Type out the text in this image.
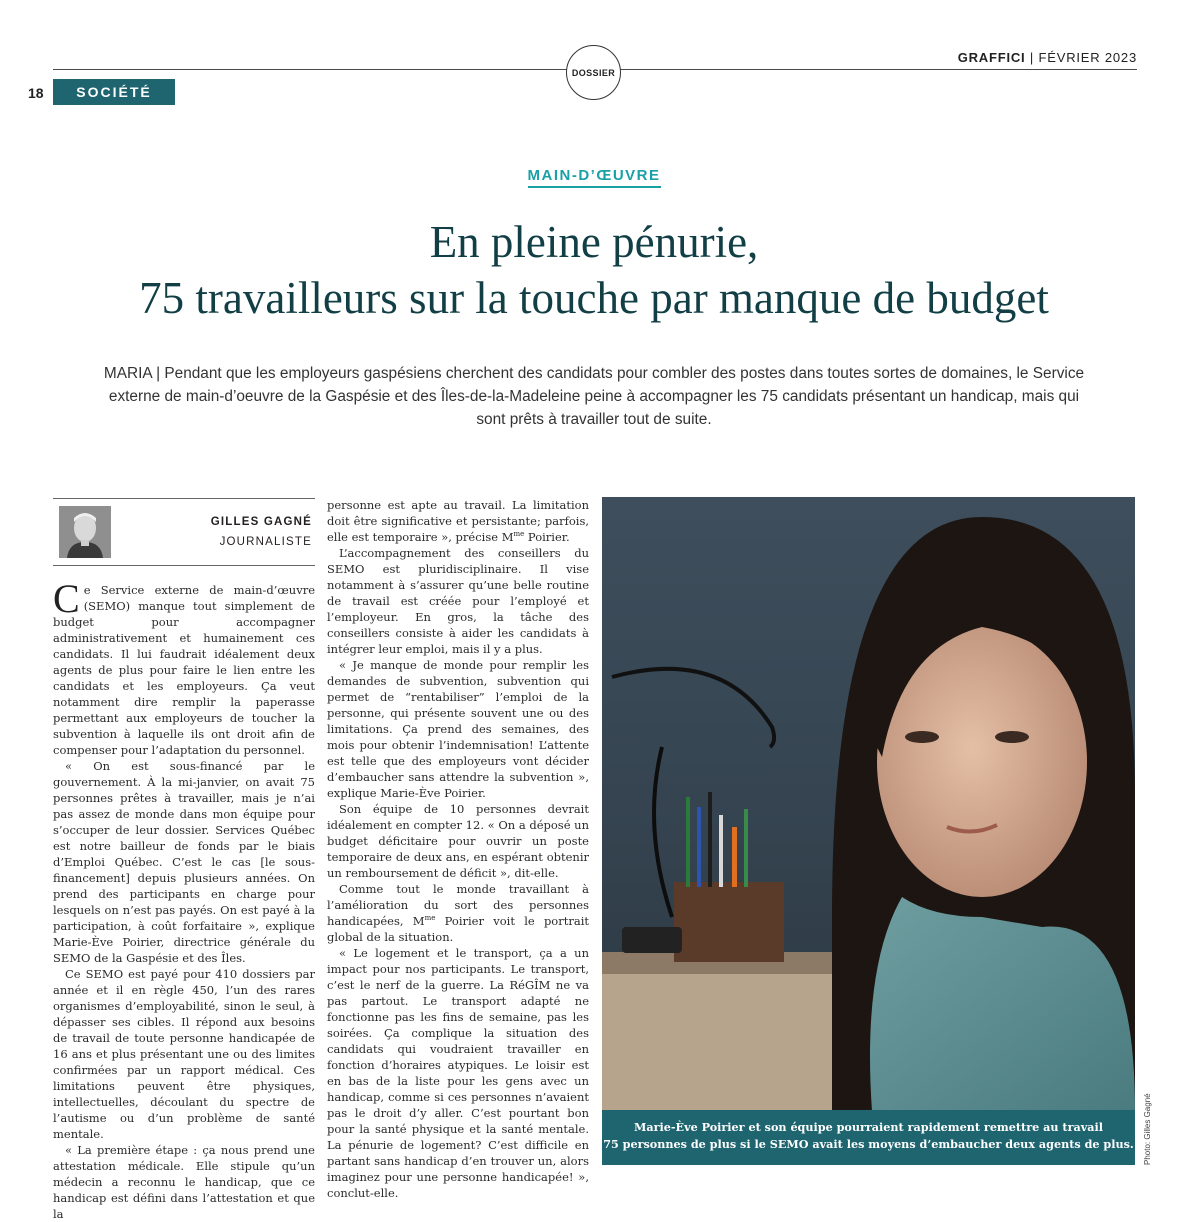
DOSSIER
GRAFFICI | FÉVRIER 2023
18	SOCIÉTÉ
MAIN-D’ŒUVRE
En pleine pénurie,
75 travailleurs sur la touche par manque de budget
MARIA | Pendant que les employeurs gaspésiens cherchent des candidats pour combler des postes dans toutes sortes de domaines, le Service externe de main-d’oeuvre de la Gaspésie et des Îles-de-la-Madeleine peine à accompagner les 75 candidats présentant un handicap, mais qui sont prêts à travailler tout de suite.
GILLES GAGNÉ
JOURNALISTE

Ce Service externe de main-d’œuvre (SEMO) manque tout simplement de budget pour accompagner administrativement et humainement ces candidats. Il lui faudrait idéalement deux agents de plus pour faire le lien entre les candidats et les employeurs. Ça veut notamment dire remplir la paperasse permettant aux employeurs de toucher la subvention à laquelle ils ont droit afin de compenser pour l’adaptation du personnel.

« On est sous-financé par le gouvernement. À la mi-janvier, on avait 75 personnes prêtes à travailler, mais je n’ai pas assez de monde dans mon équipe pour s’occuper de leur dossier. Services Québec est notre bailleur de fonds par le biais d’Emploi Québec. C’est le cas [le sous-financement] depuis plusieurs années. On prend des participants en charge pour lesquels on n’est pas payés. On est payé à la participation, à coût forfaitaire », explique Marie-Ève Poirier, directrice générale du SEMO de la Gaspésie et des Îles.

Ce SEMO est payé pour 410 dossiers par année et il en règle 450, l’un des rares organismes d’employabilité, sinon le seul, à dépasser ses cibles. Il répond aux besoins de travail de toute personne handicapée de 16 ans et plus présentant une ou des limites confirmées par un rapport médical. Ces limitations peuvent être physiques, intellectuelles, découlant du spectre de l’autisme ou d’un problème de santé mentale.

« La première étape : ça nous prend une attestation médicale. Elle stipule qu’un médecin a reconnu le handicap, que ce handicap est défini dans l’attestation et que la

personne est apte au travail. La limitation doit être significative et persistante; parfois, elle est temporaire », précise $M^{me}$ Poirier.

L’accompagnement des conseillers du SEMO est pluridisciplinaire. Il vise notamment à s’assurer qu’une belle routine de travail est créée pour l’employé et l’employeur. En gros, la tâche des conseillers consiste à aider les candidats à intégrer leur emploi, mais il y a plus.

« Je manque de monde pour remplir les demandes de subvention, subvention qui permet de “rentabiliser” l’emploi de la personne, qui présente souvent une ou des limitations. Ça prend des semaines, des mois pour obtenir l’indemnisation! L’attente est telle que des employeurs vont décider d’embaucher sans attendre la subvention », explique Marie-Ève Poirier.

Son équipe de 10 personnes devrait idéalement en compter 12. « On a déposé un budget déficitaire pour ouvrir un poste temporaire de deux ans, en espérant obtenir un remboursement de déficit », dit-elle.

Comme tout le monde travaillant à l’amélioration du sort des personnes handicapées, $M^{me}$ Poirier voit le portrait global de la situation.

« Le logement et le transport, ça a un impact pour nos participants. Le transport, c’est le nerf de la guerre. La RéGÎM ne va pas partout. Le transport adapté ne fonctionne pas les fins de semaine, pas les soirées. Ça complique la situation des candidats qui voudraient travailler en fonction d’horaires atypiques. Le loisir est en bas de la liste pour les gens avec un handicap, comme si ces personnes n’avaient pas le droit d’y aller. C’est pourtant bon pour la santé physique et la santé mentale. La pénurie de logement? C’est difficile en partant sans handicap d’en trouver un, alors imaginez pour une personne handicapée! », conclut-elle.

Marie-Ève Poirier et son équipe pourraient rapidement remettre au travail
75 personnes de plus si le SEMO avait les moyens d’embaucher deux agents de plus. Photo: Gilles Gagné
